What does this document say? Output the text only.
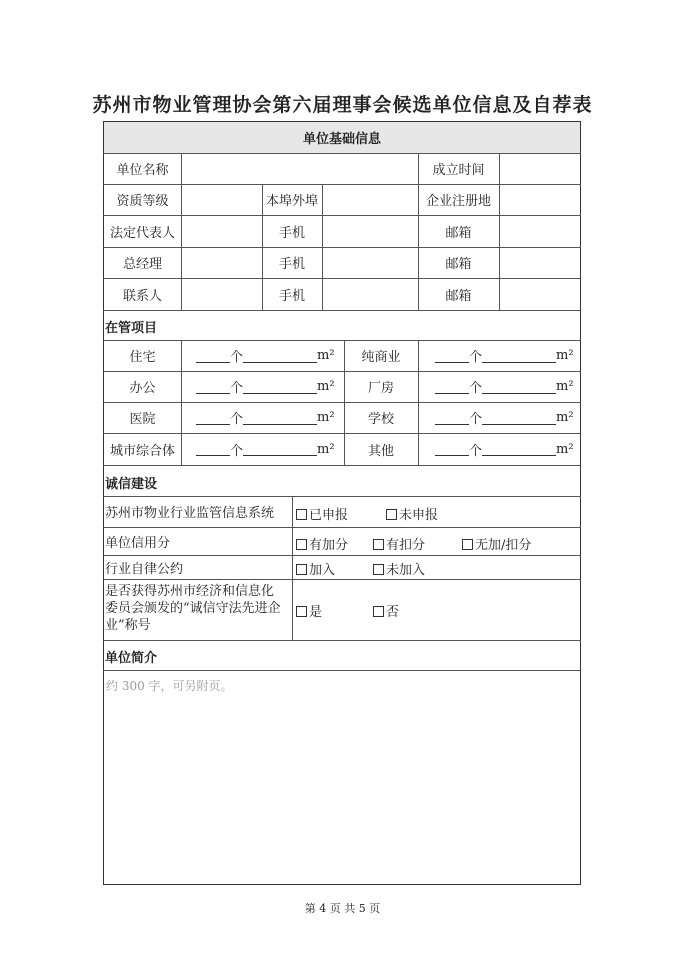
苏州市物业管理协会第六届理事会候选单位信息及自荐表
单位基础信息
单位名称	成立时间
资质等级	本埠外埠	企业注册地
法定代表人	手机	邮箱
总经理	手机	邮箱
联系人	手机	邮箱
在管项目
住宅	个	m²	纯商业	个	m²
办公	个	m²	厂房	个	m²
医院	个	m²	学校	个	m²
城市综合体	个	m²	其他	个	m²
诚信建设
苏州市物业行业监管信息系统	已申报	未申报
单位信用分	有加分	有扣分	无加/扣分
行业自律公约	加入	未加入
是否获得苏州市经济和信息化
委员会颁发的“诚信守法先进企
业”称号
是	否
单位简介
约 300 字，可另附页。
第 4 页 共 5 页
